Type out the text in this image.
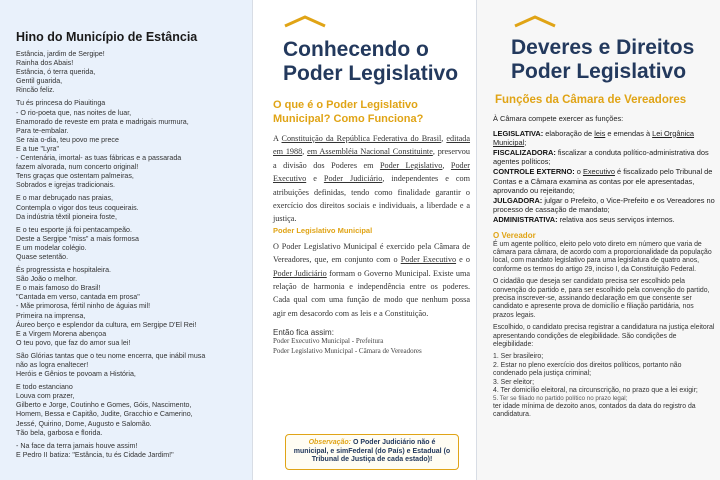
Hino do Município de Estância
Estância, jardim de Sergipe!
Rainha dos Abais!
Estância, ó terra querida,
Gentil guarida,
Rincão feliz.
Tu és princesa do Piauitinga
- O rio-poeta que, nas noites de luar,
Enamorado de reveste em prata e madrigais murmura,
Para te-embalar.
Se raia o-dia, teu povo me prece
E a tue "Lyra"
- Centenária, imortal- as tuas fábricas e a passarada
fazem alvorada, num concerto original!
Tens graças que ostentam palmeiras,
Sobrados e igrejas tradicionais.
E o mar debruçado nas praias,
Contempla o vigor dos teus coqueirais.
Da indústria têxtil pioneira foste,
E o teu esporte já foi pentacampeão.
Deste a Sergipe "miss" a mais formosa
E um modelar colégio.
Quase setentão.
És progressista e hospitaleira.
São João o melhor.
E o mais famoso do Brasil!
"Cantada em verso, cantada em prosa"
- Mãe primorosa, fértil ninho de águias mil!
Primeira na imprensa,
Áureo berço e esplendor da cultura, em Sergipe D'El Rei!
E a Virgem Morena abençoa
O teu povo, que faz do amor sua lei!
São Glórias tantas que o teu nome encerra, que inábil musa
não as logra enaltecer!
Heróis e Gênios te povoam a História,
E todo estanciano
Louva com prazer,
Gilberto e Jorge, Coutinho e Gomes, Góis, Nascimento,
Homem, Bessa e Capitão, Judite, Gracchio e Camerino,
Jessé, Quirino, Dome, Augusto e Salomão.
Tão bela, garbosa e florida.
- Na face da terra jamais houve assim!
E Pedro II batiza: "Estância, tu és Cidade Jardim!"
Conhecendo o
Poder Legislativo
O que é o Poder Legislativo
Municipal? Como Funciona?
A Constituição da República Federativa do Brasil, editada em 1988, em Assembléia Nacional Constituinte, preservou a divisão dos Poderes em Poder Legislativo, Poder Executivo e Poder Judiciário, independentes e com atribuições definidas, tendo como finalidade garantir o exercício dos direitos sociais e individuais, a liberdade e a justiça.
Poder Legislativo Municipal
O Poder Legislativo Municipal é exercido pela Câmara de Vereadores, que, em conjunto com o Poder Executivo e o Poder Judiciário formam o Governo Municipal. Existe uma relação de harmonia e independência entre os poderes. Cada qual com uma função de modo que nenhum possa agir em desacordo com as leis e a Constituição.
Então fica assim:
Poder Executivo Municipal - Prefeitura
Poder Legislativo Municipal - Câmara de Vereadores
Observação: O Poder Judiciário não é municipal, e simFederal (do País) e Estadual (o Tribunal de Justiça de cada estado)!
Deveres e Direitos
Poder Legislativo
Funções da Câmara de Vereadores
À Câmara compete exercer as funções:
LEGISLATIVA: elaboração de leis e emendas à Lei Orgânica Municipal;
FISCALIZADORA: fiscalizar a conduta político-administrativa dos agentes políticos;
CONTROLE EXTERNO: o Executivo é fiscalizado pelo Tribunal de Contas e a Câmara examina as contas por ele apresentadas, aprovando ou rejeitando;
JULGADORA: julgar o Prefeito, o Vice-Prefeito e os Vereadores no processo de cassação de mandato;
ADMINISTRATIVA: relativa aos seus serviços internos.
O Vereador
É um agente político, eleito pelo voto direto em número que varia de câmara para câmara, de acordo com a proporcionalidade da população local, com mandato legislativo para uma legislatura de quatro anos, conforme os termos do artigo 29, inciso I, da Constituição Federal.
O cidadão que deseja ser candidato precisa ser escolhido pela convenção do partido e, para ser escolhido pela convenção do partido, precisa inscrever-se, assinando declaração em que consente ser candidato e apresente prova de domicílio e filiação partidária, nos prazos legais.
Escolhido, o candidato precisa registrar a candidatura na justiça eleitoral apresentando condições de elegibilidade. São condições de elegibilidade:
1. Ser brasileiro;
2. Estar no pleno exercício dos direitos políticos, portanto não condenado pela justiça criminal;
3. Ser eleitor;
4. Ter domicílio eleitoral, na circunscrição, no prazo que a lei exigir;
5. Ter se filiado no partido político no prazo legal;
ter idade mínima de dezoito anos, contados da data do registro da candidatura.
